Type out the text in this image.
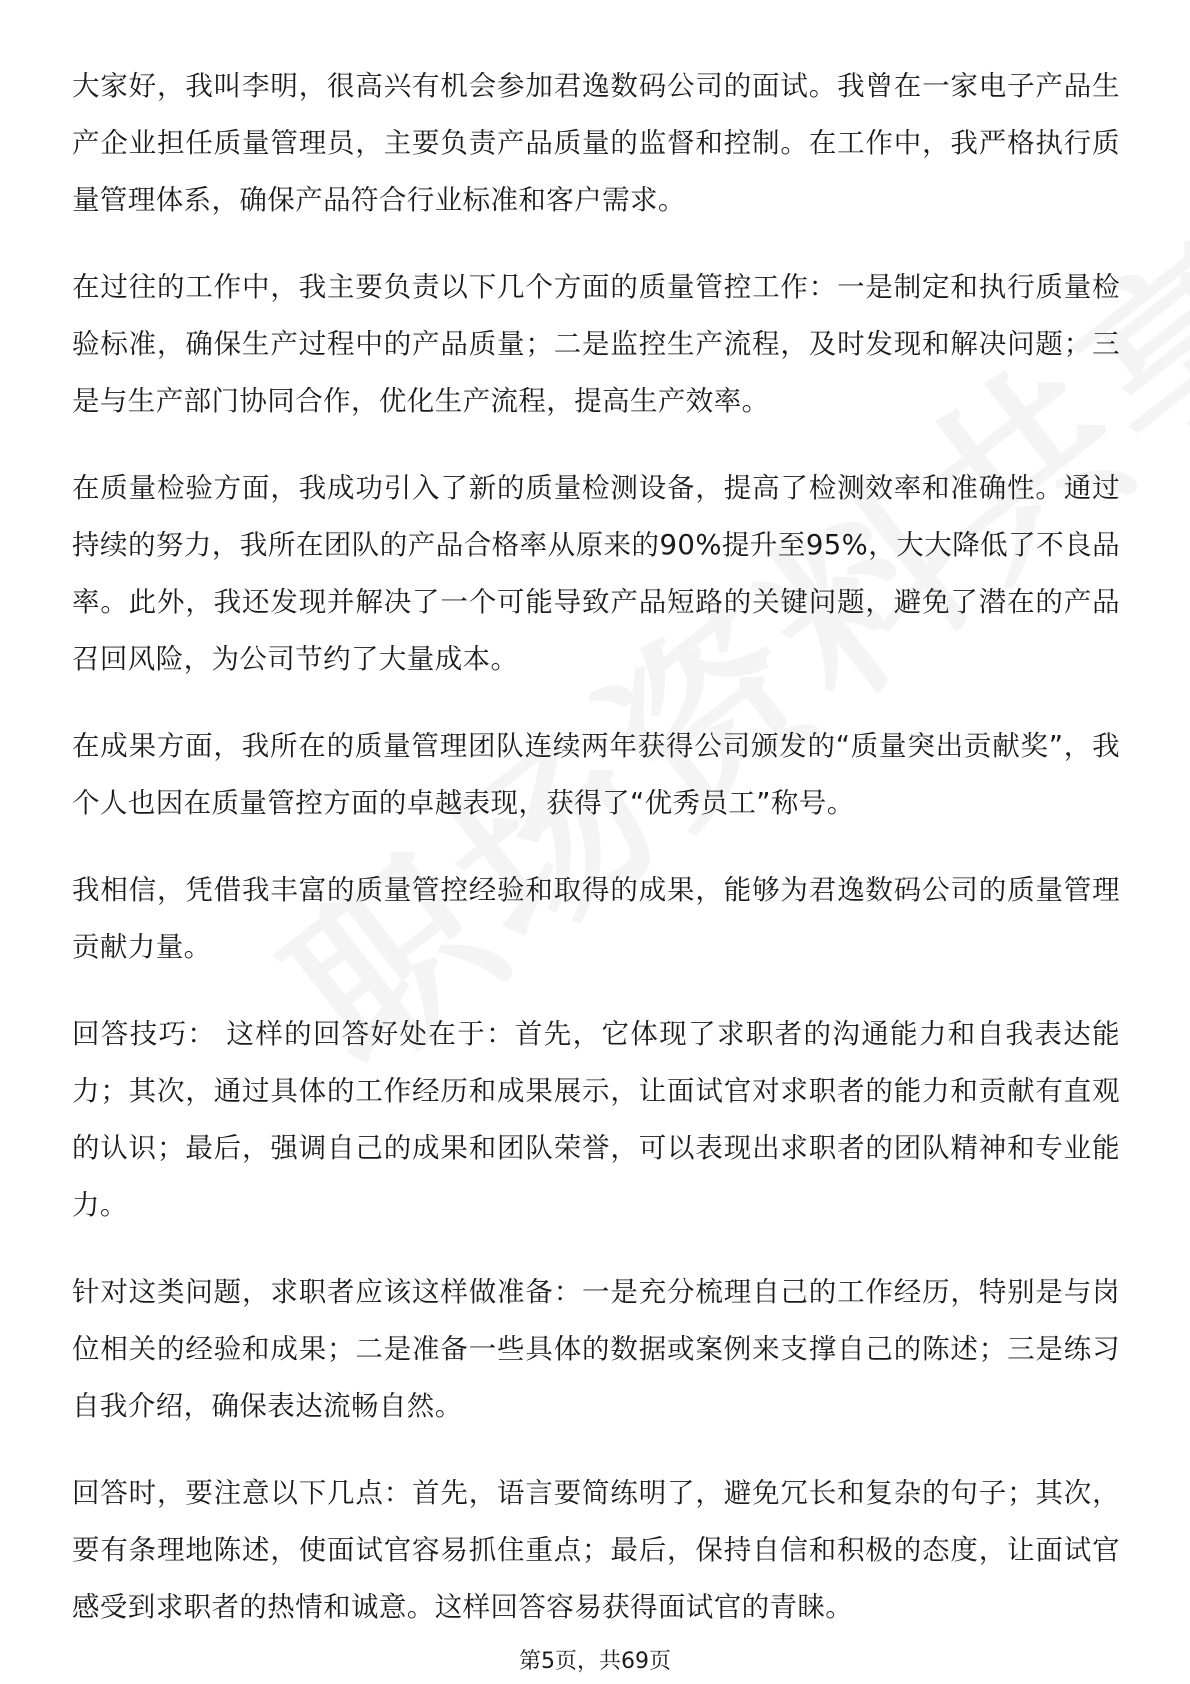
大家好，我叫李明，很高兴有机会参加君逸数码公司的面试。我曾在一家电子产品生产企业担任质量管理员，主要负责产品质量的监督和控制。在工作中，我严格执行质量管理体系，确保产品符合行业标准和客户需求。

在过往的工作中，我主要负责以下几个方面的质量管控工作：一是制定和执行质量检验标准，确保生产过程中的产品质量；二是监控生产流程，及时发现和解决问题；三是与生产部门协同合作，优化生产流程，提高生产效率。

在质量检验方面，我成功引入了新的质量检测设备，提高了检测效率和准确性。通过持续的努力，我所在团队的产品合格率从原来的90%提升至95%，大大降低了不良品率。此外，我还发现并解决了一个可能导致产品短路的关键问题，避免了潜在的产品召回风险，为公司节约了大量成本。

在成果方面，我所在的质量管理团队连续两年获得公司颁发的“质量突出贡献奖”，我个人也因在质量管控方面的卓越表现，获得了“优秀员工”称号。

我相信，凭借我丰富的质量管控经验和取得的成果，能够为君逸数码公司的质量管理贡献力量。

回答技巧： 这样的回答好处在于：首先，它体现了求职者的沟通能力和自我表达能力；其次，通过具体的工作经历和成果展示，让面试官对求职者的能力和贡献有直观的认识；最后，强调自己的成果和团队荣誉，可以表现出求职者的团队精神和专业能力。

针对这类问题，求职者应该这样做准备：一是充分梳理自己的工作经历，特别是与岗位相关的经验和成果；二是准备一些具体的数据或案例来支撑自己的陈述；三是练习自我介绍，确保表达流畅自然。

回答时，要注意以下几点：首先，语言要简练明了，避免冗长和复杂的句子；其次，要有条理地陈述，使面试官容易抓住重点；最后，保持自信和积极的态度，让面试官感受到求职者的热情和诚意。这样回答容易获得面试官的青睐。

第5页，共69页
